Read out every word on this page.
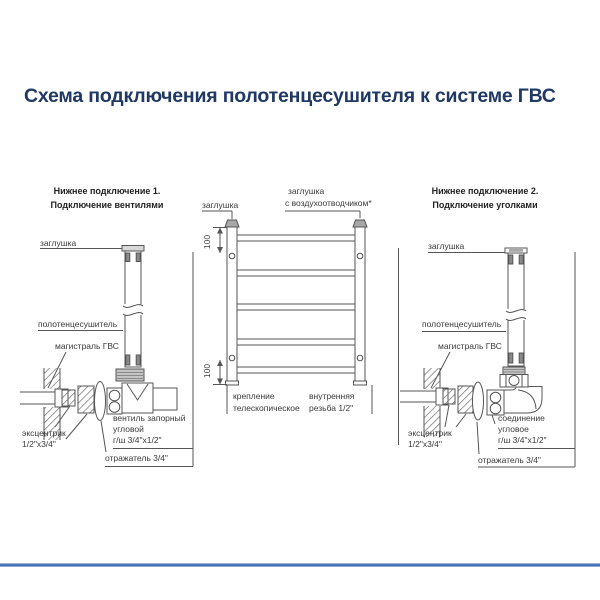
Схема подключения полотенцесушителя к системе ГВС
Нижнее подключение 1.
Подключение вентилями
Нижнее подключение 2.
Подключение уголками
заглушка
полотенцесушитель
магистраль ГВС
эксцентрик
1/2"х3/4"
вентиль запорный
угловой
г/ш 3/4"х1/2"
отражатель 3/4"
заглушка
заглушка
с воздухоотводчиком*
100
100
крепление
телескопическое
внутренняя
резьба 1/2"
заглушка
полотенцесушитель
магистраль ГВС
эксцентрик
1/2"х3/4"
соединение
угловое
г/ш 3/4"х1/2"
отражатель 3/4"
